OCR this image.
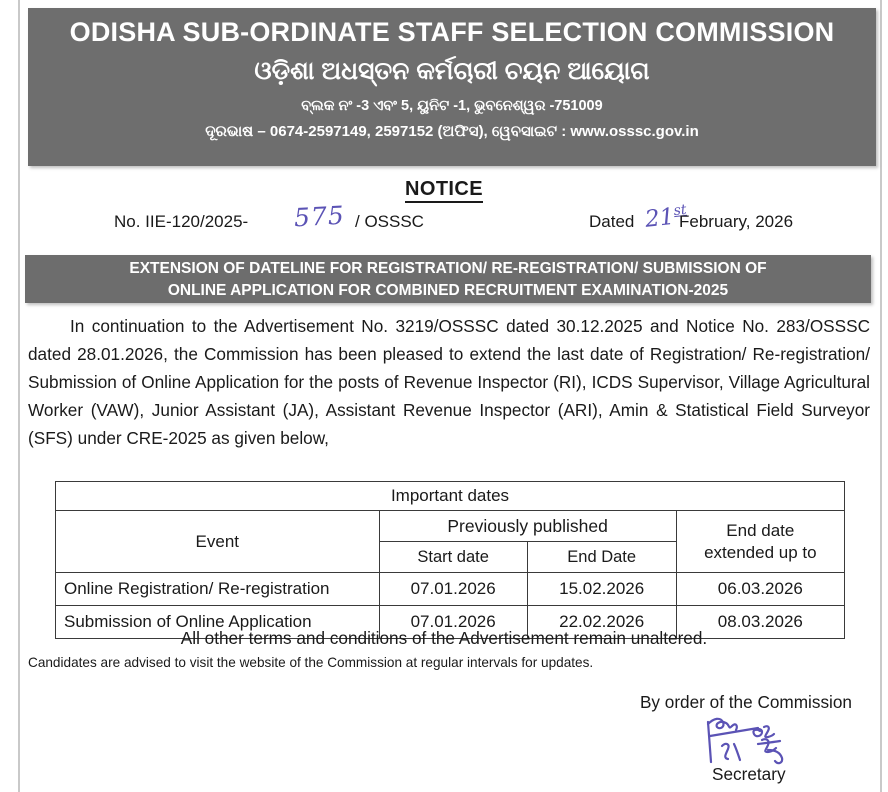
ODISHA SUB-ORDINATE STAFF SELECTION COMMISSION
ଓଡ଼ିଶା ଅଧସ୍ତନ କର୍ମଚାରୀ ଚୟନ ଆୟୋଗ
ବ୍ଲକ ନଂ -3 ଏବଂ 5, ୟୁନିଟ -1, ଭୁବନେଶ୍ୱର -751009
ଦୂରଭାଷ – 0674-2597149, 2597152 (ଅଫିସ), ୱେବସାଇଟ : www.osssc.gov.in
NOTICE
No. IIE-120/2025- 575 / OSSSC	Dated 21st
February, 2026
EXTENSION OF DATELINE FOR REGISTRATION/ RE-REGISTRATION/ SUBMISSION OF
ONLINE APPLICATION FOR COMBINED RECRUITMENT EXAMINATION-2025
In continuation to the Advertisement No. 3219/OSSSC dated 30.12.2025 and Notice No. 283/OSSSC dated 28.01.2026, the Commission has been pleased to extend the last date of Registration/ Re-registration/ Submission of Online Application for the posts of Revenue Inspector (RI), ICDS Supervisor, Village Agricultural Worker (VAW), Junior Assistant (JA), Assistant Revenue Inspector (ARI), Amin & Statistical Field Surveyor (SFS) under CRE-2025 as given below,
Important dates			
Event	Previously published		End date
extended up to

	Start date	End Date	
Online Registration/ Re-registration	07.01.2026	15.02.2026	06.03.2026
Submission of Online Application	07.01.2026	22.02.2026	08.03.2026
All other terms and conditions of the Advertisement remain unaltered.
Candidates are advised to visit the website of the Commission at regular intervals for updates.
By order of the Commission
Secretary
